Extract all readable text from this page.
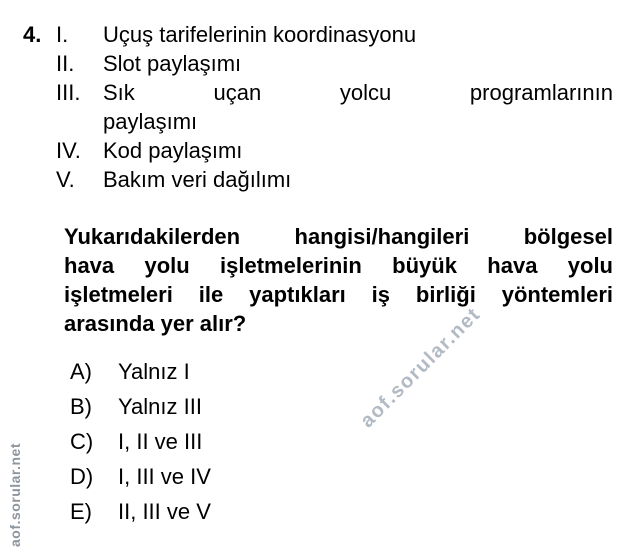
aof.sorular.net
aof.sorular.net
4. I.	Uçuş tarifelerinin koordinasyonu
II.	Slot paylaşımı
III.	Sık uçan yolcu programlarının
paylaşımı
IV.	Kod paylaşımı
V.	Bakım veri dağılımı
Yukarıdakilerden hangisi/hangileri bölgesel
hava yolu işletmelerinin büyük hava yolu
işletmeleri ile yaptıkları iş birliği yöntemleri
arasında yer alır?
A)	Yalnız I
B)	Yalnız III
C)	I, II ve III
D)	I, III ve IV
E)	II, III ve V
